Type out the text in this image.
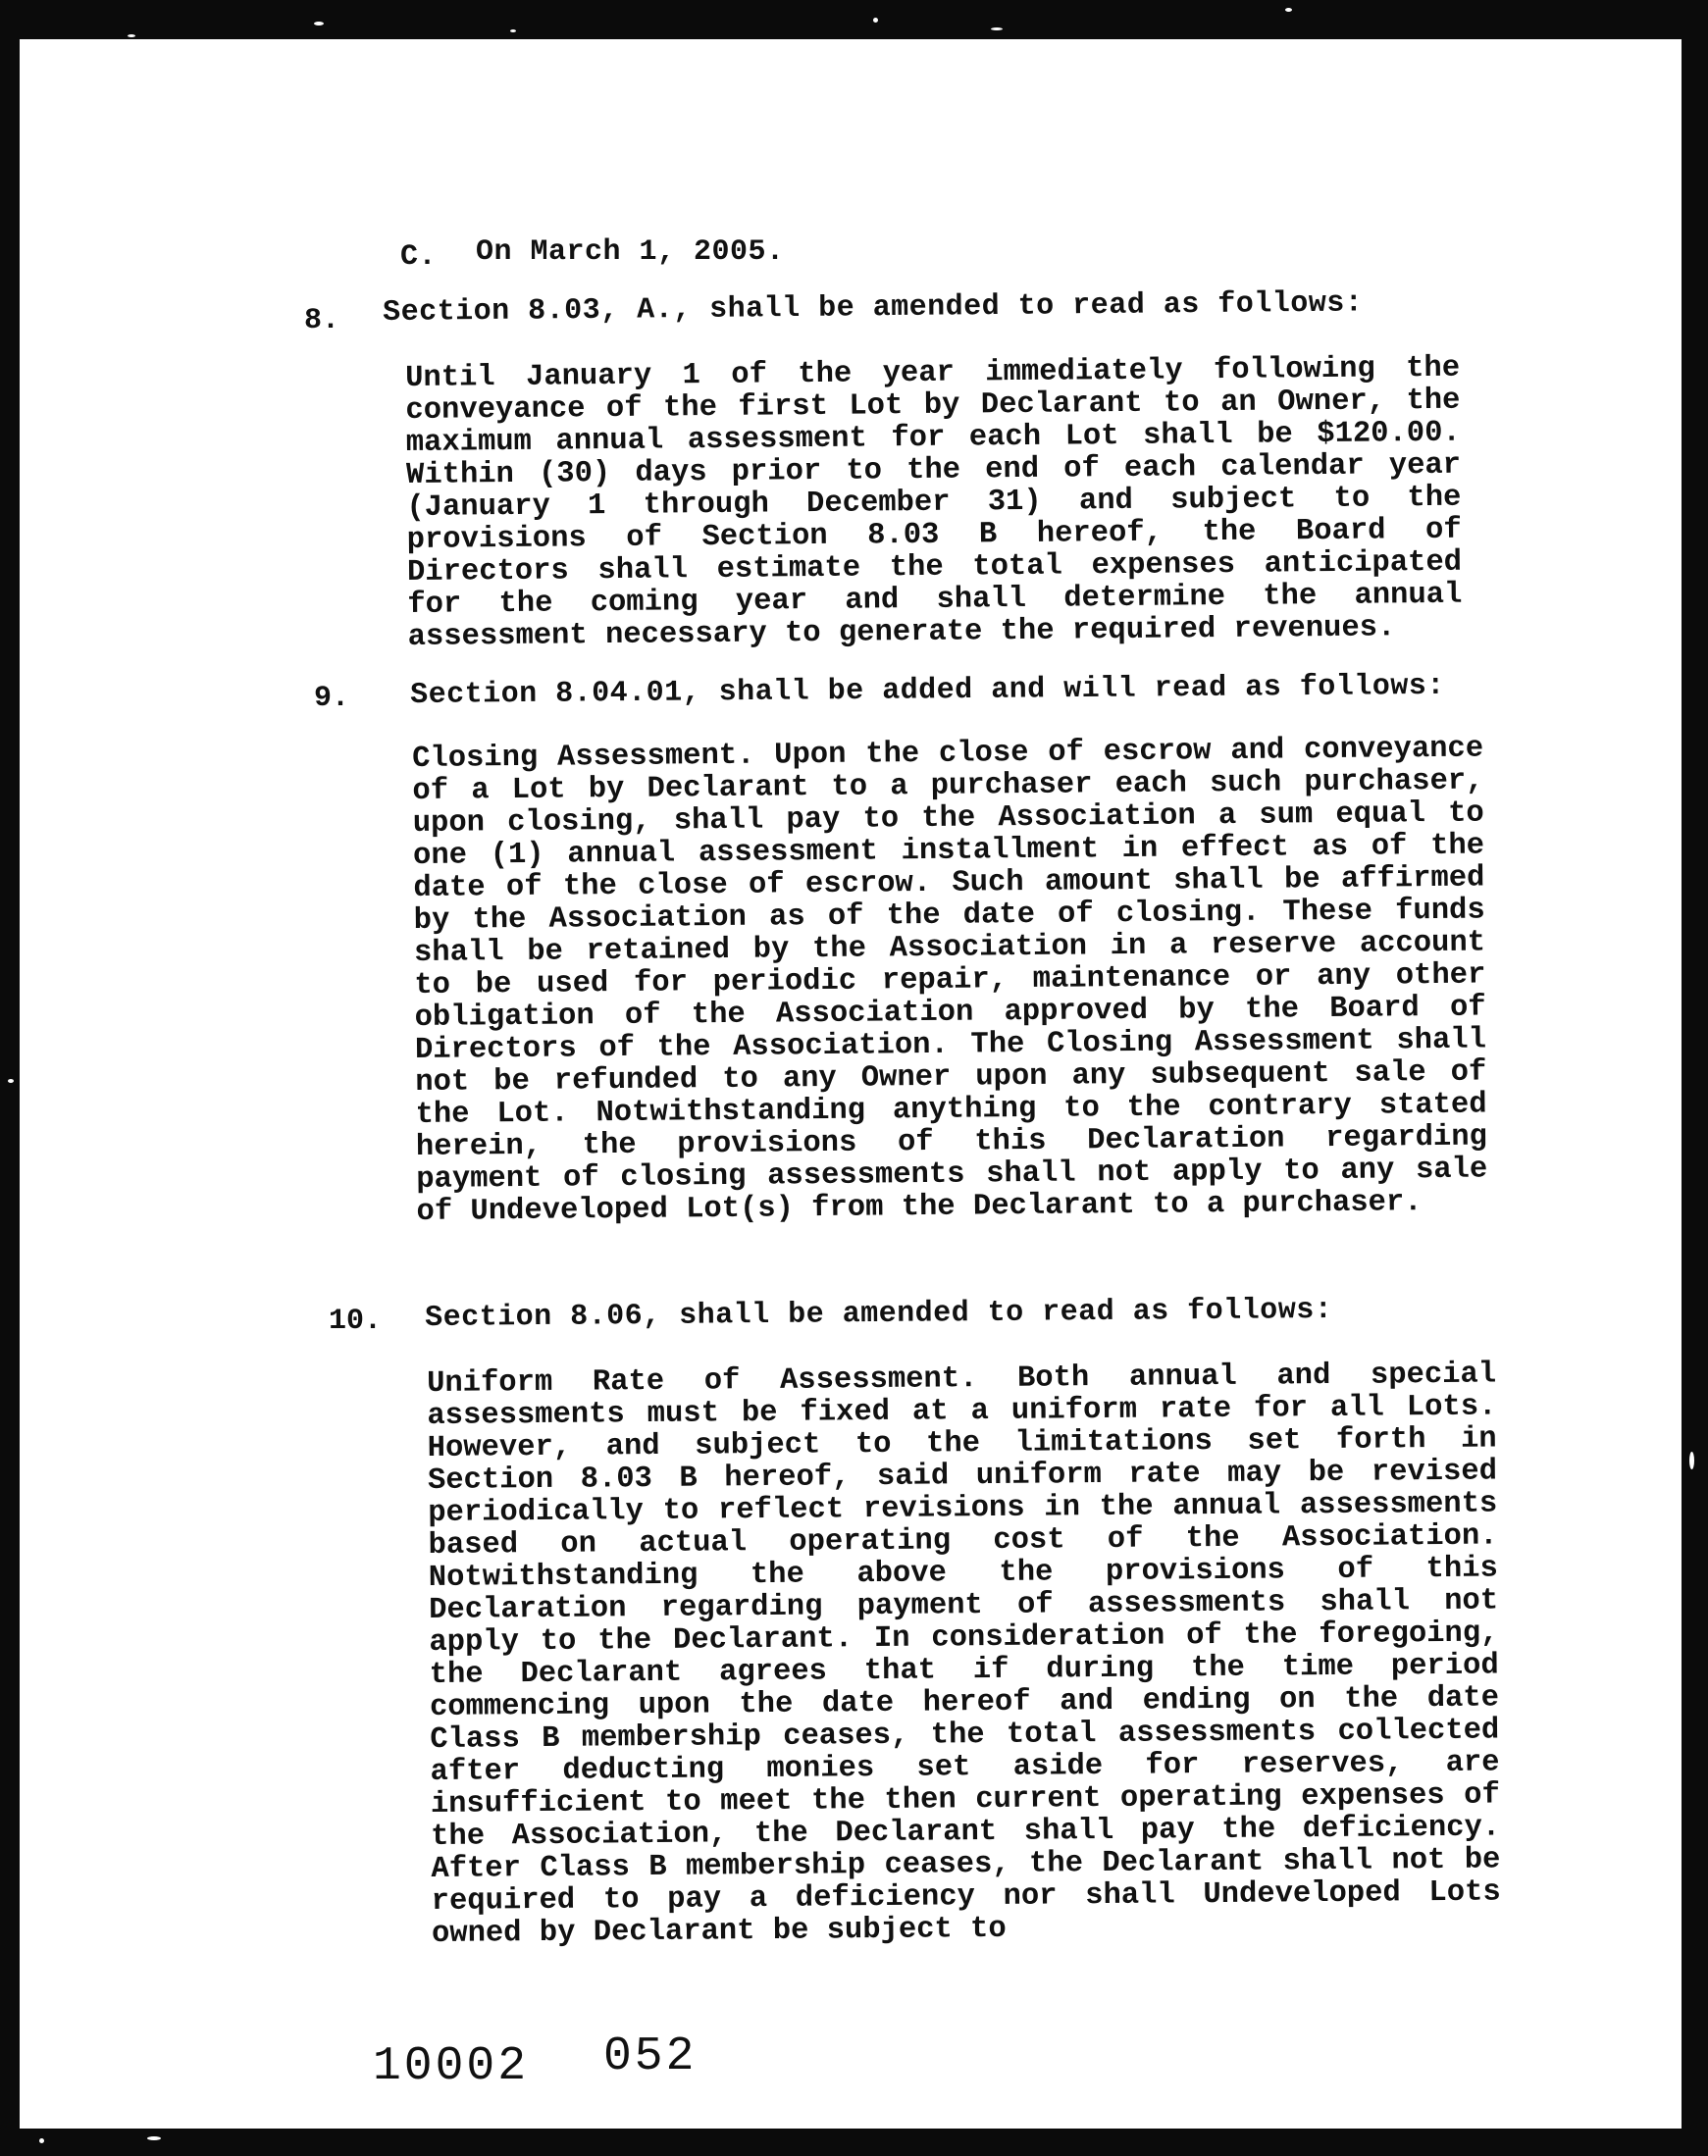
C. On March 1, 2005.
8. Section 8.03, A., shall be amended to read as follows:
Until January 1 of the year immediately following the conveyance of the first Lot by Declarant to an Owner, the maximum annual assessment for each Lot shall be $120.00. Within (30) days prior to the end of each calendar year (January 1 through December 31) and subject to the provisions of Section 8.03 B hereof, the Board of Directors shall estimate the total expenses anticipated for the coming year and shall determine the annual assessment necessary to generate the required revenues.
9. Section 8.04.01, shall be added and will read as follows:
Closing Assessment. Upon the close of escrow and conveyance of a Lot by Declarant to a purchaser each such purchaser, upon closing, shall pay to the Association a sum equal to one (1) annual assessment installment in effect as of the date of the close of escrow. Such amount shall be affirmed by the Association as of the date of closing. These funds shall be retained by the Association in a reserve account to be used for periodic repair, maintenance or any other obligation of the Association approved by the Board of Directors of the Association. The Closing Assessment shall not be refunded to any Owner upon any subsequent sale of the Lot. Notwithstanding anything to the contrary stated herein, the provisions of this Declaration regarding payment of closing assessments shall not apply to any sale of Undeveloped Lot(s) from the Declarant to a purchaser.
10. Section 8.06, shall be amended to read as follows:
Uniform Rate of Assessment. Both annual and special assessments must be fixed at a uniform rate for all Lots. However, and subject to the limitations set forth in Section 8.03 B hereof, said uniform rate may be revised periodically to reflect revisions in the annual assessments based on actual operating cost of the Association. Notwithstanding the above the provisions of this Declaration regarding payment of assessments shall not apply to the Declarant. In consideration of the foregoing, the Declarant agrees that if during the time period commencing upon the date hereof and ending on the date Class B membership ceases, the total assessments collected after deducting monies set aside for reserves, are insufficient to meet the then current operating expenses of the Association, the Declarant shall pay the deficiency. After Class B membership ceases, the Declarant shall not be required to pay a deficiency nor shall Undeveloped Lots owned by Declarant be subject to
10002 052
